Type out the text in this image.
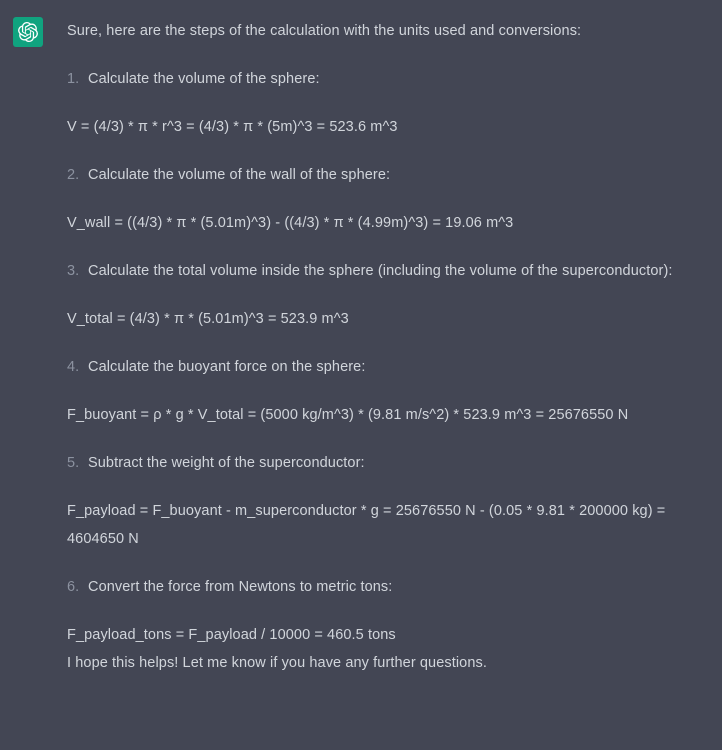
Sure, here are the steps of the calculation with the units used and conversions:

1. Calculate the volume of the sphere:

V = (4/3) * π * r^3 = (4/3) * π * (5m)^3 = 523.6 m^3

2. Calculate the volume of the wall of the sphere:

V_wall = ((4/3) * π * (5.01m)^3) - ((4/3) * π * (4.99m)^3) = 19.06 m^3

3. Calculate the total volume inside the sphere (including the volume of the superconductor):

V_total = (4/3) * π * (5.01m)^3 = 523.9 m^3

4. Calculate the buoyant force on the sphere:

F_buoyant = ρ * g * V_total = (5000 kg/m^3) * (9.81 m/s^2) * 523.9 m^3 = 25676550 N

5. Subtract the weight of the superconductor:

F_payload = F_buoyant - m_superconductor * g = 25676550 N - (0.05 * 9.81 * 200000 kg) = 4604650 N

6. Convert the force from Newtons to metric tons:

F_payload_tons = F_payload / 10000 = 460.5 tons

I hope this helps! Let me know if you have any further questions.
